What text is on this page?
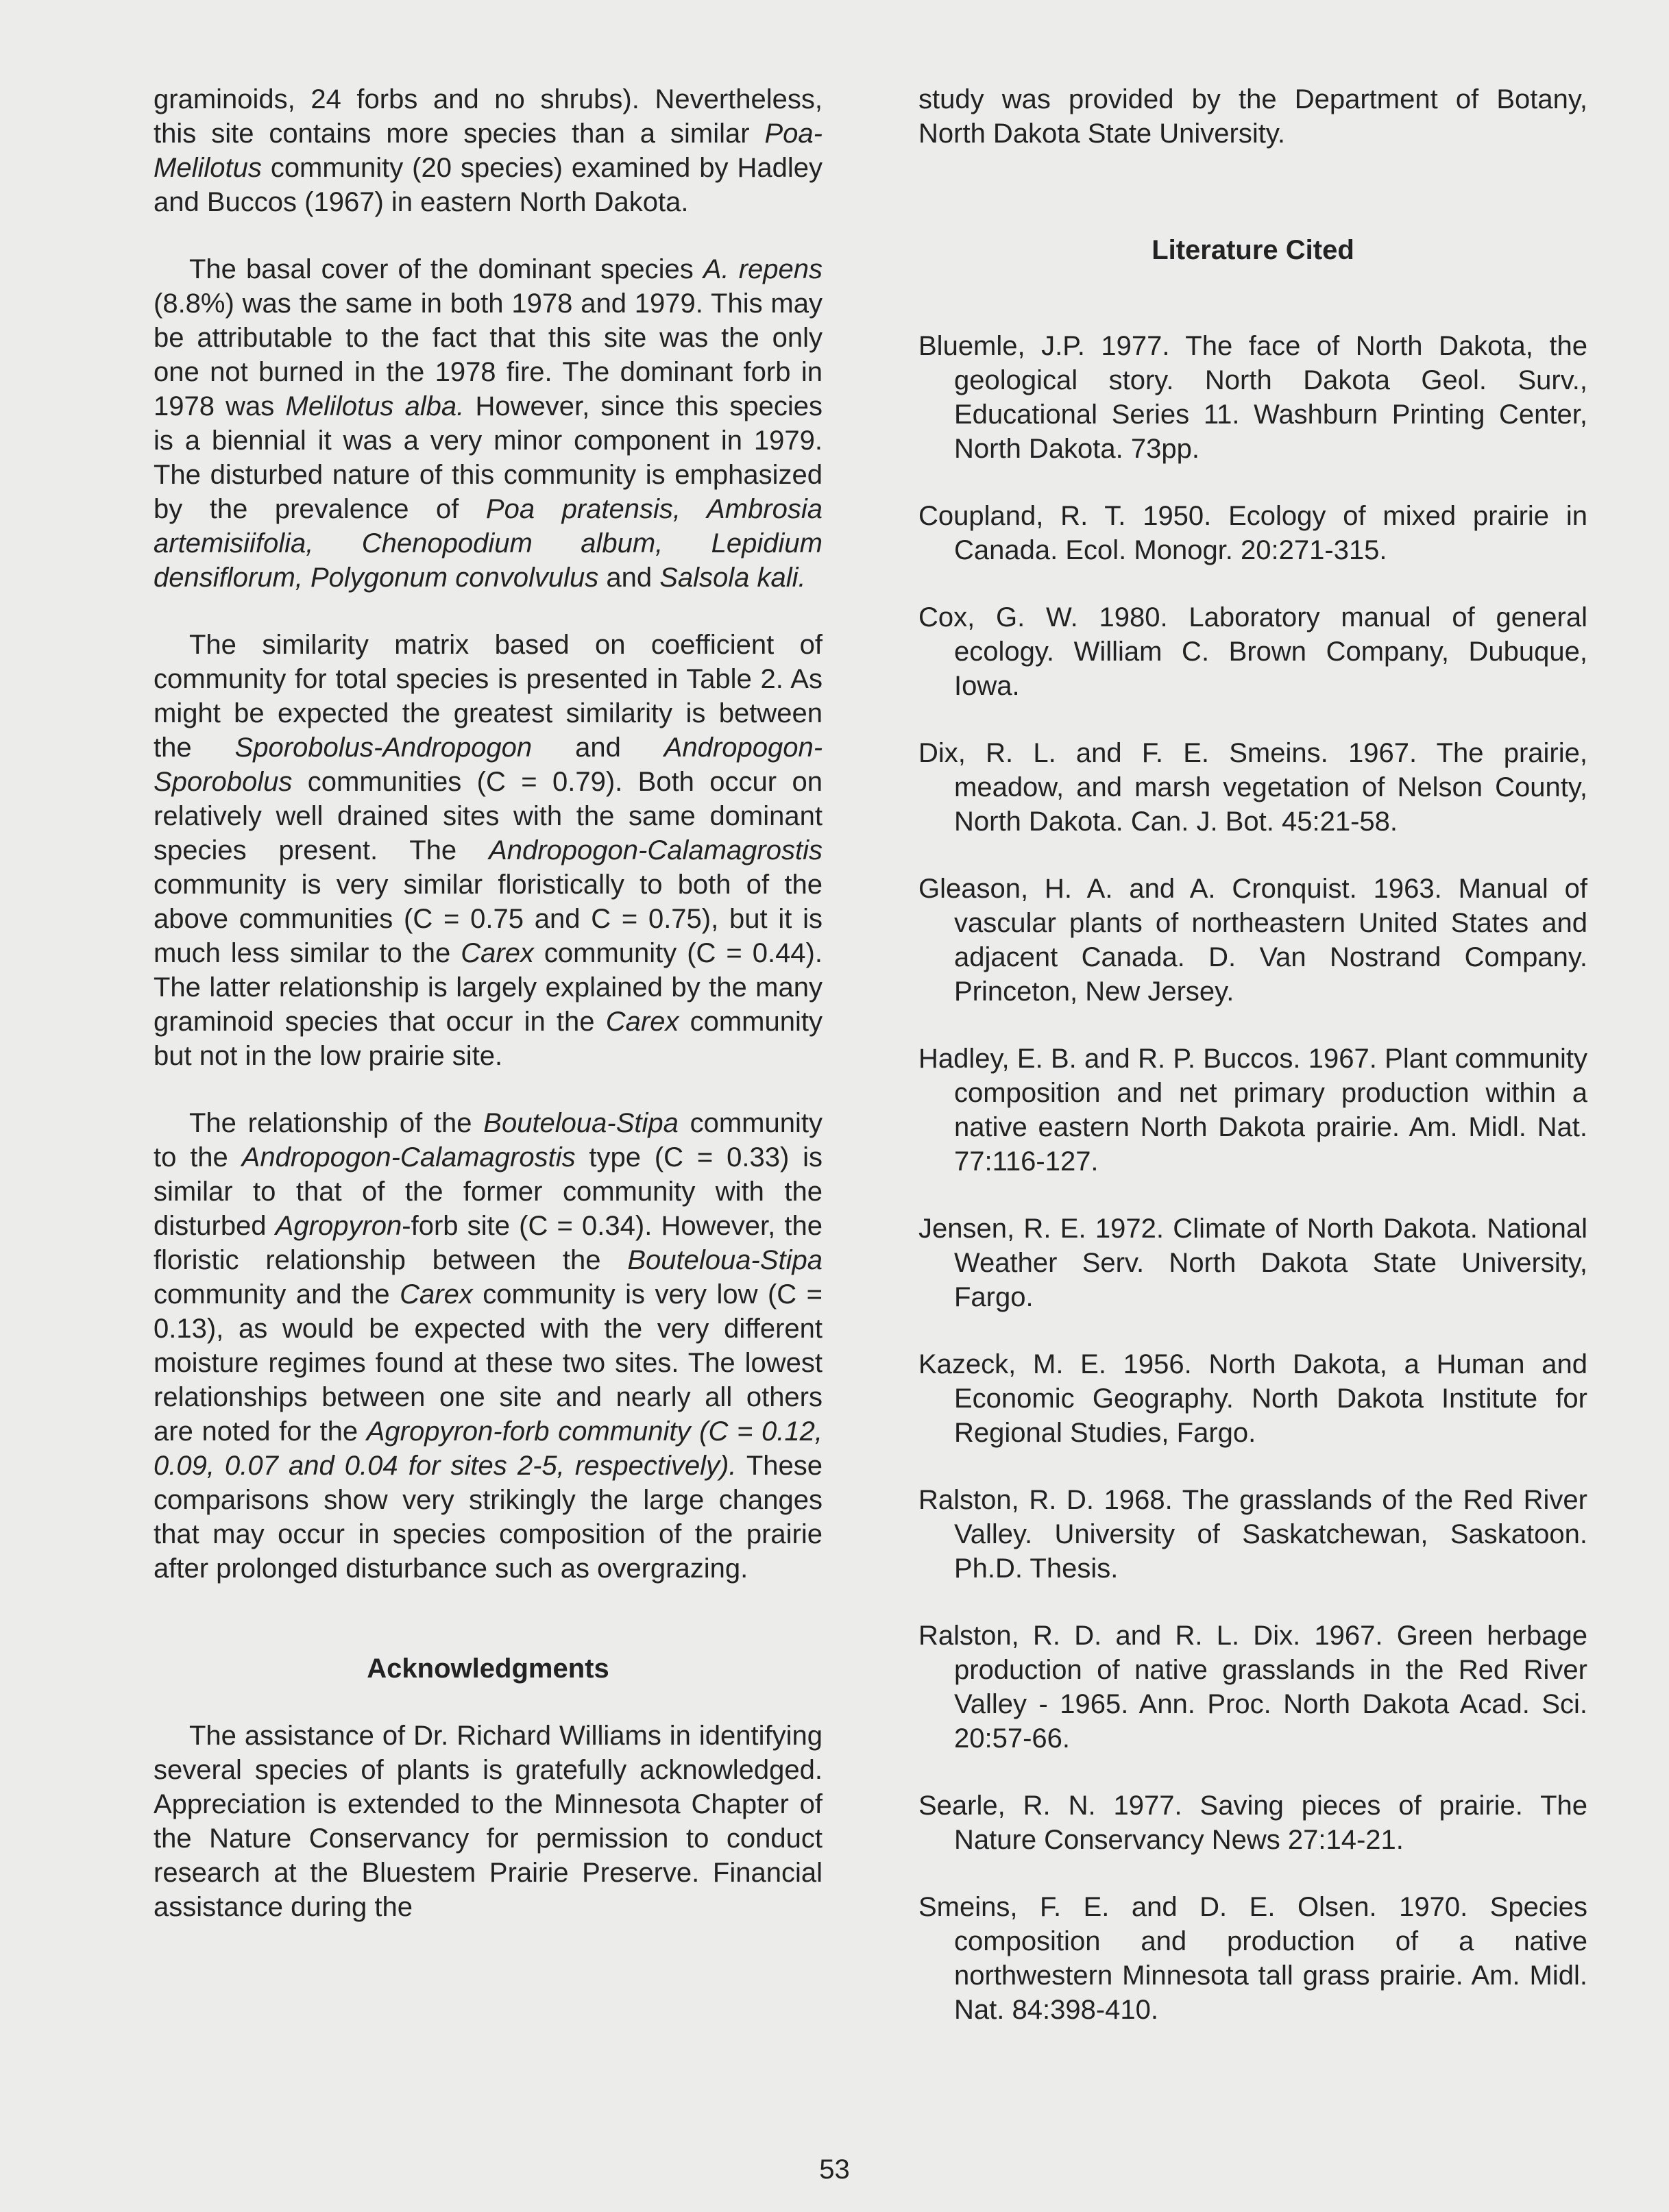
graminoids, 24 forbs and no shrubs). Nevertheless, this site contains more species than a similar Poa-Melilotus community (20 species) examined by Hadley and Buccos (1967) in eastern North Dakota.

The basal cover of the dominant species A. repens (8.8%) was the same in both 1978 and 1979. This may be attributable to the fact that this site was the only one not burned in the 1978 fire. The dominant forb in 1978 was Melilotus alba. However, since this species is a biennial it was a very minor component in 1979. The disturbed nature of this community is emphasized by the prevalence of Poa pratensis, Ambrosia artemisiifolia, Chenopodium album, Lepidium densiflorum, Polygonum convolvulus and Salsola kali.

The similarity matrix based on coefficient of community for total species is presented in Table 2. As might be expected the greatest similarity is between the Sporobolus-Andropogon and Andropogon-Sporobolus communities (C = 0.79). Both occur on relatively well drained sites with the same dominant species present. The Andropogon-Calamagrostis community is very similar floristically to both of the above communities (C = 0.75 and C = 0.75), but it is much less similar to the Carex community (C = 0.44). The latter relationship is largely explained by the many graminoid species that occur in the Carex community but not in the low prairie site.

The relationship of the Bouteloua-Stipa community to the Andropogon-Calamagrostis type (C = 0.33) is similar to that of the former community with the disturbed Agropyron-forb site (C = 0.34). However, the floristic relationship between the Bouteloua-Stipa community and the Carex community is very low (C = 0.13), as would be expected with the very different moisture regimes found at these two sites. The lowest relationships between one site and nearly all others are noted for the Agropyron-forb community (C = 0.12, 0.09, 0.07 and 0.04 for sites 2-5, respectively). These comparisons show very strikingly the large changes that may occur in species composition of the prairie after prolonged disturbance such as overgrazing.

Acknowledgments

The assistance of Dr. Richard Williams in identifying several species of plants is gratefully acknowledged. Appreciation is extended to the Minnesota Chapter of the Nature Conservancy for permission to conduct research at the Bluestem Prairie Preserve. Financial assistance during the

study was provided by the Department of Botany, North Dakota State University.

Literature Cited

Bluemle, J.P. 1977. The face of North Dakota, the geological story. North Dakota Geol. Surv., Educational Series 11. Washburn Printing Center, North Dakota. 73pp.

Coupland, R. T. 1950. Ecology of mixed prairie in Canada. Ecol. Monogr. 20:271-315.

Cox, G. W. 1980. Laboratory manual of general ecology. William C. Brown Company, Dubuque, Iowa.

Dix, R. L. and F. E. Smeins. 1967. The prairie, meadow, and marsh vegetation of Nelson County, North Dakota. Can. J. Bot. 45:21-58.

Gleason, H. A. and A. Cronquist. 1963. Manual of vascular plants of northeastern United States and adjacent Canada. D. Van Nostrand Company. Princeton, New Jersey.

Hadley, E. B. and R. P. Buccos. 1967. Plant community composition and net primary production within a native eastern North Dakota prairie. Am. Midl. Nat. 77:116-127.

Jensen, R. E. 1972. Climate of North Dakota. National Weather Serv. North Dakota State University, Fargo.

Kazeck, M. E. 1956. North Dakota, a Human and Economic Geography. North Dakota Institute for Regional Studies, Fargo.

Ralston, R. D. 1968. The grasslands of the Red River Valley. University of Saskatchewan, Saskatoon. Ph.D. Thesis.

Ralston, R. D. and R. L. Dix. 1967. Green herbage production of native grasslands in the Red River Valley - 1965. Ann. Proc. North Dakota Acad. Sci. 20:57-66.

Searle, R. N. 1977. Saving pieces of prairie. The Nature Conservancy News 27:14-21.

Smeins, F. E. and D. E. Olsen. 1970. Species composition and production of a native northwestern Minnesota tall grass prairie. Am. Midl. Nat. 84:398-410.

53
